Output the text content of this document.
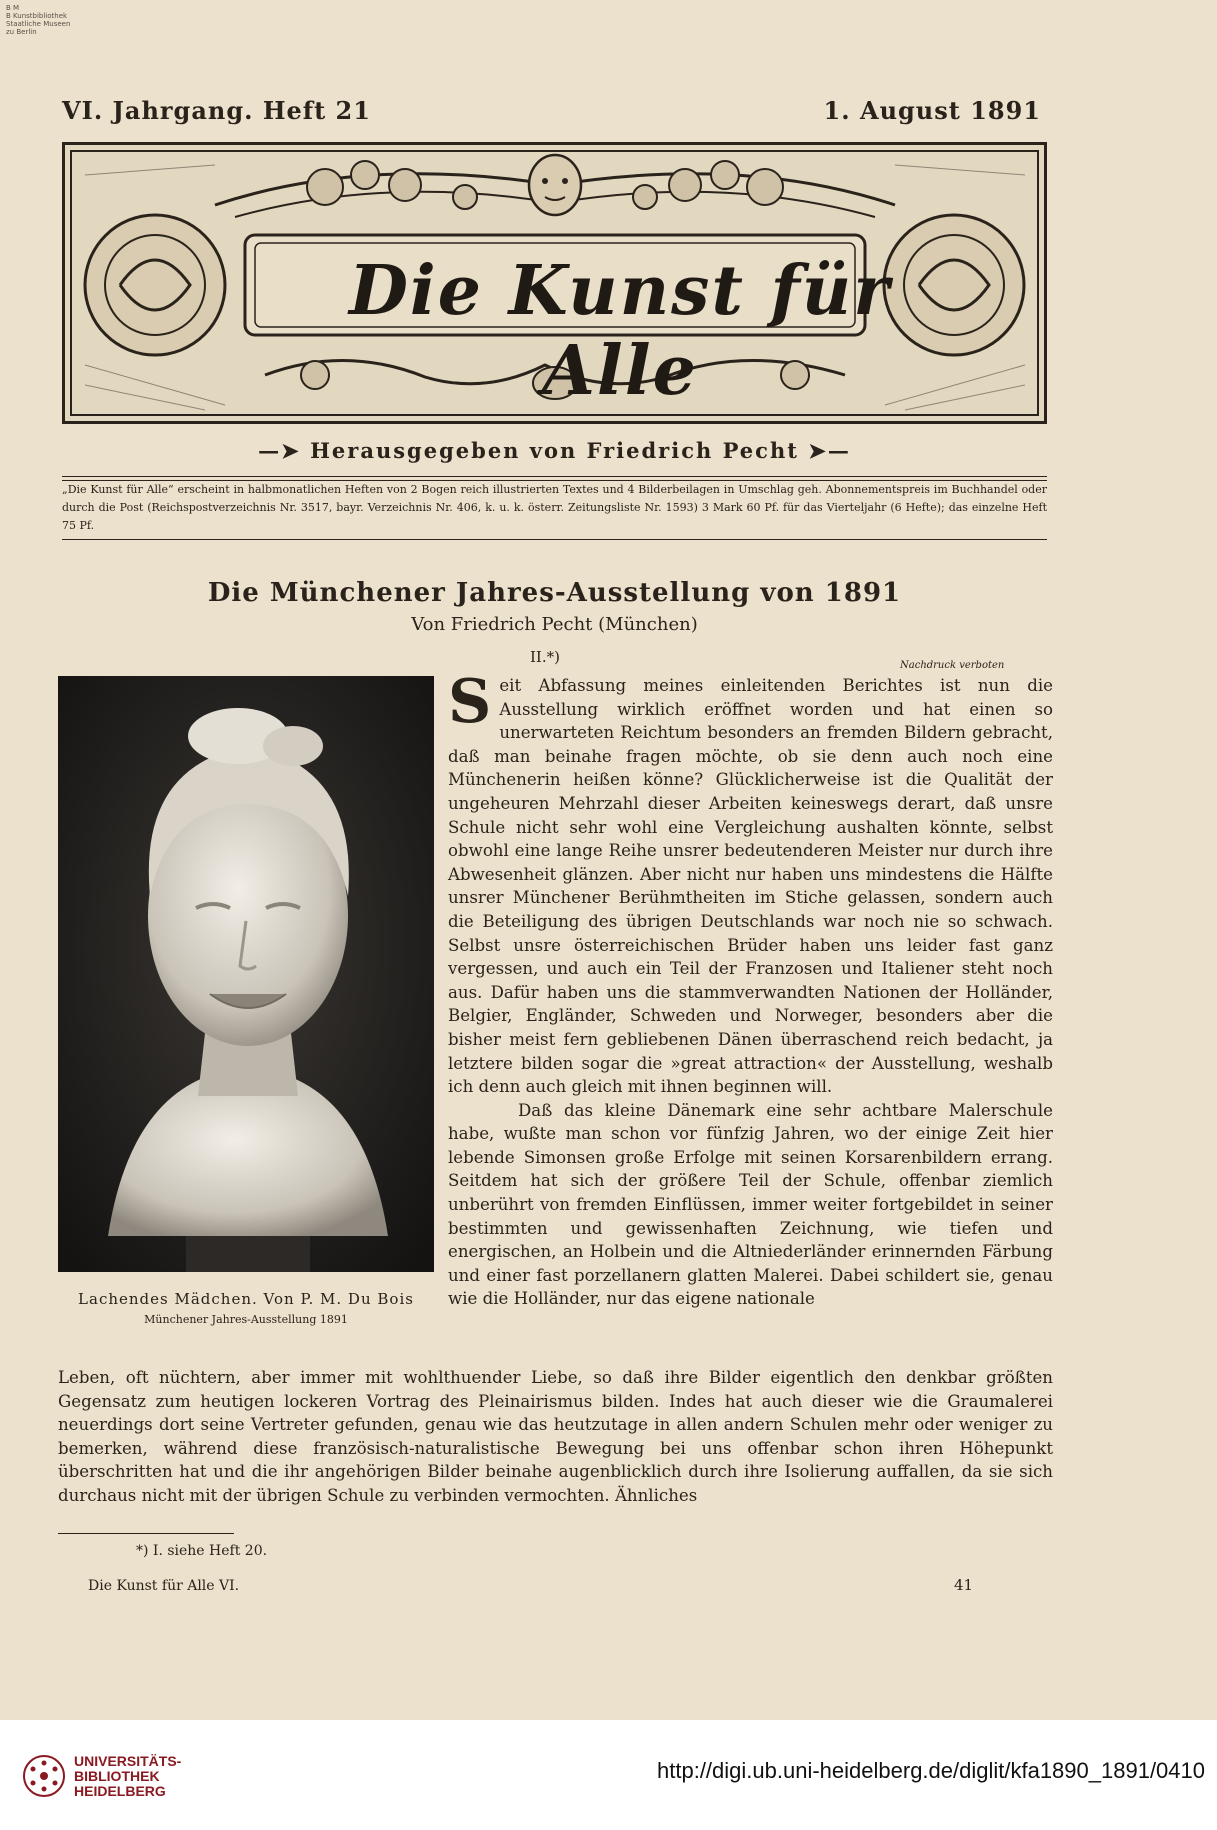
B M
B Kunstbibliothek
Staatliche Museen
zu Berlin
VI. Jahrgang. Heft 21	1. August 1891
Die Kunst für Alle
—➤ Herausgegeben von Friedrich Pecht ➤—
„Die Kunst für Alle“ erscheint in halbmonatlichen Heften von 2 Bogen reich illustrierten Textes und 4 Bilderbeilagen in Umschlag geh. Abonnementspreis im Buchhandel oder durch die Post (Reichspostverzeichnis Nr. 3517, bayr. Verzeichnis Nr. 406, k. u. k. österr. Zeitungsliste Nr. 1593) 3 Mark 60 Pf. für das Vierteljahr (6 Hefte); das einzelne Heft 75 Pf.
Die Münchener Jahres-Ausstellung von 1891
Von Friedrich Pecht (München)
II.*)	Nachdruck verboten
Lachendes Mädchen. Von P. M. Du Bois
Münchener Jahres-Ausstellung 1891

Seit Abfassung meines einleitenden Berichtes ist nun die Ausstellung wirklich eröffnet worden und hat einen so unerwarteten Reichtum besonders an fremden Bildern gebracht, daß man beinahe fragen möchte, ob sie denn auch noch eine Münchenerin heißen könne? Glücklicherweise ist die Qualität der ungeheuren Mehrzahl dieser Arbeiten keineswegs derart, daß unsre Schule nicht sehr wohl eine Vergleichung aushalten könnte, selbst obwohl eine lange Reihe unsrer bedeutenderen Meister nur durch ihre Abwesenheit glänzen. Aber nicht nur haben uns mindestens die Hälfte unsrer Münchener Berühmtheiten im Stiche gelassen, sondern auch die Beteiligung des übrigen Deutschlands war noch nie so schwach. Selbst unsre österreichischen Brüder haben uns leider fast ganz vergessen, und auch ein Teil der Franzosen und Italiener steht noch aus. Dafür haben uns die stammverwandten Nationen der Holländer, Belgier, Engländer, Schweden und Norweger, besonders aber die bisher meist fern gebliebenen Dänen überraschend reich bedacht, ja letztere bilden sogar die »great attraction« der Ausstellung, weshalb ich denn auch gleich mit ihnen beginnen will.

Daß das kleine Dänemark eine sehr achtbare Malerschule habe, wußte man schon vor fünfzig Jahren, wo der einige Zeit hier lebende Simonsen große Erfolge mit seinen Korsarenbildern errang. Seitdem hat sich der größere Teil der Schule, offenbar ziemlich unberührt von fremden Einflüssen, immer weiter fortgebildet in seiner bestimmten und gewissenhaften Zeichnung, wie tiefen und energischen, an Holbein und die Altniederländer erinnernden Färbung und einer fast porzellanern glatten Malerei. Dabei schildert sie, genau wie die Holländer, nur das eigene nationale

Leben, oft nüchtern, aber immer mit wohlthuender Liebe, so daß ihre Bilder eigentlich den denkbar größten Gegensatz zum heutigen lockeren Vortrag des Pleinairismus bilden. Indes hat auch dieser wie die Graumalerei neuerdings dort seine Vertreter gefunden, genau wie das heutzutage in allen andern Schulen mehr oder weniger zu bemerken, während diese französisch-naturalistische Bewegung bei uns offenbar schon ihren Höhepunkt überschritten hat und die ihr angehörigen Bilder beinahe augenblicklich durch ihre Isolierung auffallen, da sie sich durchaus nicht mit der übrigen Schule zu verbinden vermochten. Ähnliches

*) I. siehe Heft 20.
Die Kunst für Alle VI.	41
UNIVERSITÄTS-
BIBLIOTHEK
HEIDELBERG
http://digi.ub.uni-heidelberg.de/diglit/kfa1890_1891/0410
